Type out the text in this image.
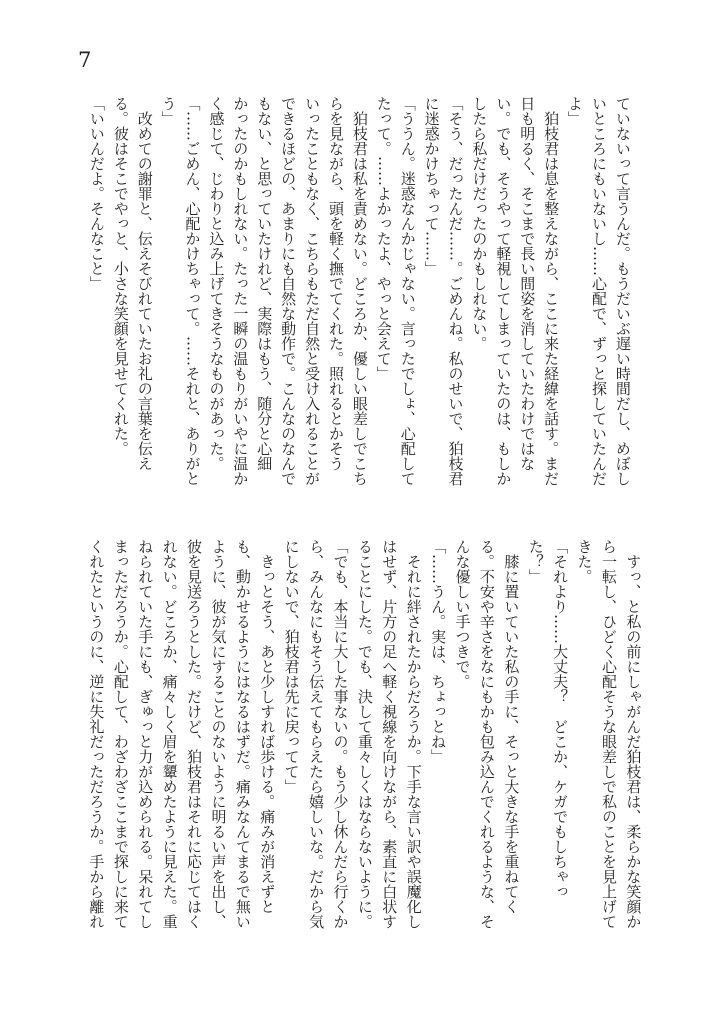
7
ていないって言うんだ。もうだいぶ遅い時間だし、めぼし
いところにもいないし……心配で、ずっと探していたんだ
よ」
　狛枝君は息を整えながら、ここに来た経緯を話す。まだ
日も明るく、そこまで長い間姿を消していたわけではな
い。でも、そうやって軽視してしまっていたのは、もしか
したら私だけだったのかもしれない。
「そう、だったんだ……。ごめんね。私のせいで、狛枝君
に迷惑かけちゃって……」
「ううん。迷惑なんかじゃない。言ったでしょ、心配して
たって。……よかったよ、やっと会えて」
　狛枝君は私を責めない。どころか、優しい眼差しでこち
らを見ながら、頭を軽く撫でてくれた。照れるとかそう
いったこともなく、こちらもただ自然と受け入れることが
できるほどの、あまりにも自然な動作で。こんなのなんで
もない、と思っていたけれど、実際はもう、随分と心細
かったのかもしれない。たった一瞬の温もりがいやに温か
く感じて、じわりと込み上げてきそうなものがあった。
「……ごめん、心配かけちゃって。……それと、ありがと
う」
　改めての謝罪と、伝えそびれていたお礼の言葉を伝え
る。彼はそこでやっと、小さな笑顔を見せてくれた。
「いいんだよ。そんなこと」
　すっ、と私の前にしゃがんだ狛枝君は、柔らかな笑顔か
ら一転し、ひどく心配そうな眼差しで私のことを見上げて
きた。
「それより……大丈夫？　どこか、ケガでもしちゃっ
た？」
　膝に置いていた私の手に、そっと大きな手を重ねてく
る。不安や辛さをなにもかも包み込んでくれるような、そ
んな優しい手つきで。
「……うん。実は、ちょっとね」
　それに絆されたからだろうか。下手な言い訳や誤魔化し
はせず、片方の足へ軽く視線を向けながら、素直に白状す
ることにした。でも、決して重々しくはならないように。
「でも、本当に大した事ないの。もう少し休んだら行くか
ら、みんなにもそう伝えてもらえたら嬉しいな。だから気
にしないで、狛枝君は先に戻ってて」
　きっとそう、あと少しすれば歩ける。痛みが消えずと
も、動かせるようにはなるはずだ。痛みなんてまるで無い
ように、彼が気にすることのないように明るい声を出し、
彼を見送ろうとした。だけど、狛枝君はそれに応じてはく
れない。どころか、痛々しく眉を顰めたように見えた。重
ねられていた手にも、ぎゅっと力が込められる。呆れてし
まっただろうか。心配して、わざわざここまで探しに来て
くれたというのに、逆に失礼だっただろうか。手から離れ
